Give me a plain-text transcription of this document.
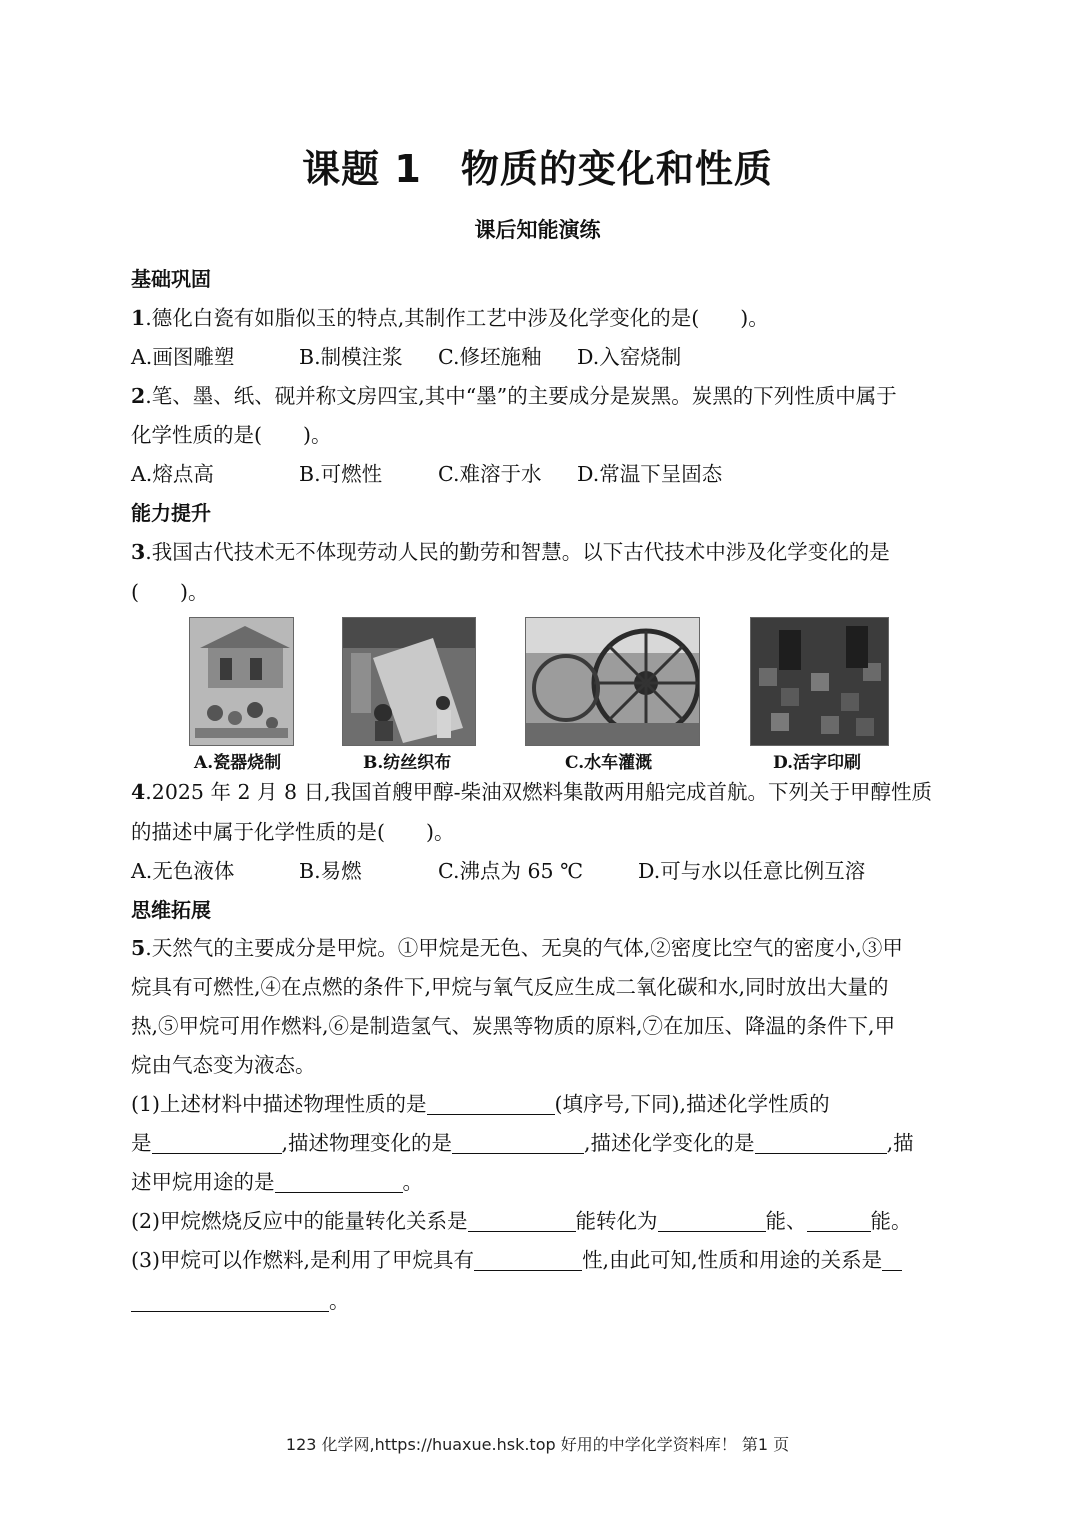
课题 1　物质的变化和性质
课后知能演练
基础巩固
1.德化白瓷有如脂似玉的特点,其制作工艺中涉及化学变化的是(　　)。
A.画图雕塑	B.制模注浆 C.修坯施釉 D.入窑烧制
2.笔、墨、纸、砚并称文房四宝,其中“墨”的主要成分是炭黑。炭黑的下列性质中属于
化学性质的是(　　)。
A.熔点高	B.可燃性	C.难溶于水 D.常温下呈固态
能力提升
3.我国古代技术无不体现劳动人民的勤劳和智慧。以下古代技术中涉及化学变化的是
(　　)。
A.瓷器烧制	B.纺丝织布	C.水车灌溉	D.活字印刷
4.2025 年 2 月 8 日,我国首艘甲醇-柴油双燃料集散两用船完成首航。下列关于甲醇性质
的描述中属于化学性质的是(　　)。
A.无色液体	B.易燃	C.沸点为 65 ℃	D.可与水以任意比例互溶
思维拓展
5.天然气的主要成分是甲烷。①甲烷是无色、无臭的气体,②密度比空气的密度小,③甲
烷具有可燃性,④在点燃的条件下,甲烷与氧气反应生成二氧化碳和水,同时放出大量的
热,⑤甲烷可用作燃料,⑥是制造氢气、炭黑等物质的原料,⑦在加压、降温的条件下,甲
烷由气态变为液态。
(1)上述材料中描述物理性质的是	(填序号,下同),描述化学性质的
是	,描述物理变化的是	,描述化学变化的是	,描
述甲烷用途的是	。
(2)甲烷燃烧反应中的能量转化关系是	能转化为	能、	能。
(3)甲烷可以作燃料,是利用了甲烷具有	性,由此可知,性质和用途的关系是
。
123 化学网,https://huaxue.hsk.top 好用的中学化学资料库！ 第1 页
